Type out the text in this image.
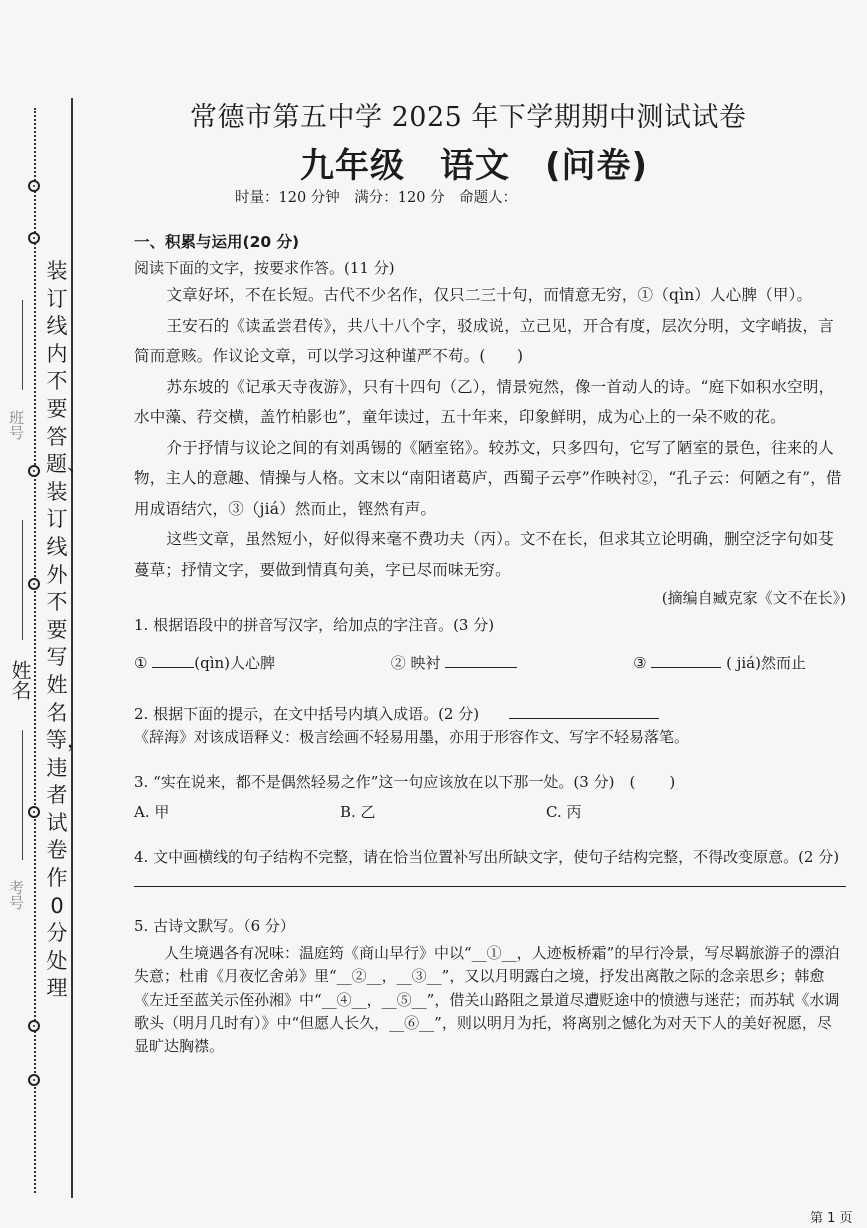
装订线内不要答题、装订线外不要写姓名等，违者试卷作0分处理
班号
姓名
考号
常德市第五中学 2025 年下学期期中测试试卷
九年级　语文　(问卷)
时量：120 分钟　满分：120 分　命题人：

一、积累与运用(20 分)

阅读下面的文字，按要求作答。(11 分)

文章好坏，不在长短。古代不少名作，仅只二三十句，而情意无穷，①（qìn）人心脾（甲）。

王安石的《读孟尝君传》，共八十八个字，驳成说，立己见，开合有度，层次分明，文字峭拔，言简而意赅。作议论文章，可以学习这种谨严不苟。(　　)

苏东坡的《记承天寺夜游》，只有十四句（乙），情景宛然，像一首动人的诗。“庭下如积水空明，水中藻、荇交横，盖竹柏影也”，童年读过，五十年来，印象鲜明，成为心上的一朵不败的花。

介于抒情与议论之间的有刘禹锡的《陋室铭》。较苏文，只多四句，它写了陋室的景色，往来的人物，主人的意趣、情操与人格。文末以“南阳诸葛庐，西蜀子云亭”作映衬②，“孔子云：何陋之有”，借用成语结穴，③（jiá）然而止，铿然有声。

这些文章，虽然短小，好似得来毫不费功夫（丙）。文不在长，但求其立论明确，删空泛字句如芟蔓草；抒情文字，要做到情真句美，字已尽而味无穷。

(摘编自臧克家《文不在长》)

1. 根据语段中的拼音写汉字，给加点的字注音。(3 分)

①	(qìn)人心脾	② 映衬	③	( jiá)然而止

2. 根据下面的提示，在文中括号内填入成语。(2 分)　　

《辞海》对该成语释义：极言绘画不轻易用墨，亦用于形容作文、写字不轻易落笔。

3. “实在说来，都不是偶然轻易之作”这一句应该放在以下那一处。(3 分)　 ( )

A. 甲	B. 乙	C. 丙

4. 文中画横线的句子结构不完整，请在恰当位置补写出所缺文字，使句子结构完整，不得改变原意。(2 分)

5. 古诗文默写。（6 分）

人生境遇各有况味：温庭筠《商山早行》中以“__①__，人迹板桥霜”的早行冷景，写尽羁旅游子的漂泊失意；杜甫《月夜忆舍弟》里“__②__，__③__”，又以月明露白之境，抒发出离散之际的念亲思乡；韩愈《左迁至蓝关示侄孙湘》中“__④__，__⑤__”，借关山路阻之景道尽遭贬途中的愤懑与迷茫；而苏轼《水调歌头（明月几时有）》中“但愿人长久，__⑥__”，则以明月为托，将离别之憾化为对天下人的美好祝愿，尽显旷达胸襟。

第 1 页
